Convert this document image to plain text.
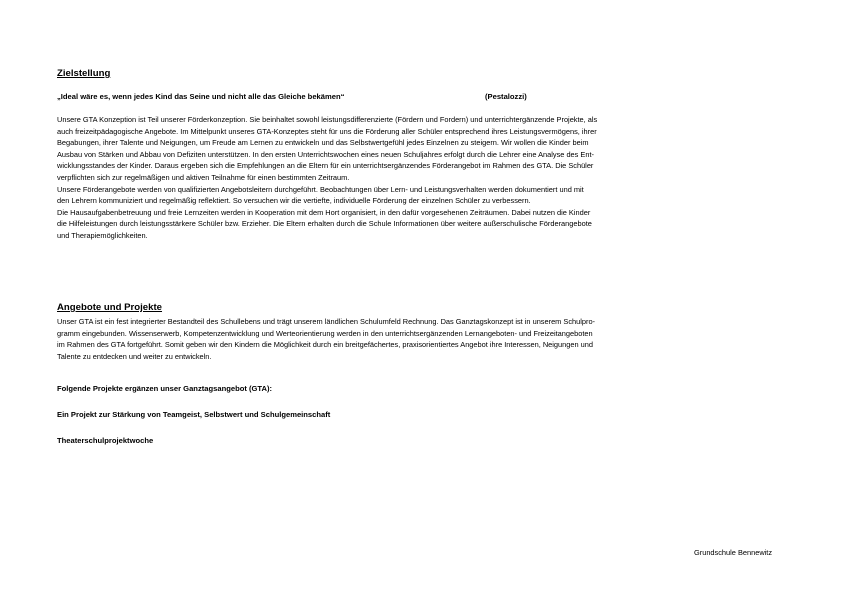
Zielstellung
„Ideal wäre es, wenn jedes Kind das Seine und nicht alle das Gleiche bekämen“	(Pestalozzi)
Unsere GTA Konzeption ist Teil unserer Förderkonzeption. Sie beinhaltet sowohl leistungsdifferenzierte (Fördern und Fordern) und unterrichtergänzende Projekte, als
auch freizeitpädagogische Angebote. Im Mittelpunkt unseres GTA-Konzeptes steht für uns die Förderung aller Schüler entsprechend ihres Leistungsvermögens, ihrer
Begabungen, ihrer Talente und Neigungen, um Freude am Lernen zu entwickeln und das Selbstwertgefühl jedes Einzelnen zu steigern. Wir wollen die Kinder beim
Ausbau von Stärken und Abbau von Defiziten unterstützen. In den ersten Unterrichtswochen eines neuen Schuljahres erfolgt durch die Lehrer eine Analyse des Ent-
wicklungsstandes der Kinder. Daraus ergeben sich die Empfehlungen an die Eltern für ein unterrichtsergänzendes Förderangebot im Rahmen des GTA. Die Schüler
verpflichten sich zur regelmäßigen und aktiven Teilnahme für einen bestimmten Zeitraum.
Unsere Förderangebote werden von qualifizierten Angebotsleitern durchgeführt. Beobachtungen über Lern- und Leistungsverhalten werden dokumentiert und mit
den Lehrern kommuniziert und regelmäßig reflektiert. So versuchen wir die vertiefte, individuelle Förderung der einzelnen Schüler zu verbessern.
Die Hausaufgabenbetreuung und freie Lernzeiten werden in Kooperation mit dem Hort organisiert, in den dafür vorgesehenen Zeiträumen. Dabei nutzen die Kinder
die Hilfeleistungen durch leistungsstärkere Schüler bzw. Erzieher. Die Eltern erhalten durch die Schule Informationen über weitere außerschulische Förderangebote
und Therapiemöglichkeiten.
Angebote und Projekte
Unser GTA ist ein fest integrierter Bestandteil des Schullebens und trägt unserem ländlichen Schulumfeld Rechnung. Das Ganztagskonzept ist in unserem Schulpro-
gramm eingebunden. Wissenserwerb, Kompetenzentwicklung und Werteorientierung werden in den unterrichtsergänzenden Lernangeboten- und Freizeitangeboten
im Rahmen des GTA fortgeführt. Somit geben wir den Kindern die Möglichkeit durch ein breitgefächertes, praxisorientiertes Angebot ihre Interessen, Neigungen und
Talente zu entdecken und weiter zu entwickeln.
Folgende Projekte ergänzen unser Ganztagsangebot (GTA):
Ein Projekt zur Stärkung von Teamgeist, Selbstwert und Schulgemeinschaft
Theaterschulprojektwoche
Grundschule Bennewitz
